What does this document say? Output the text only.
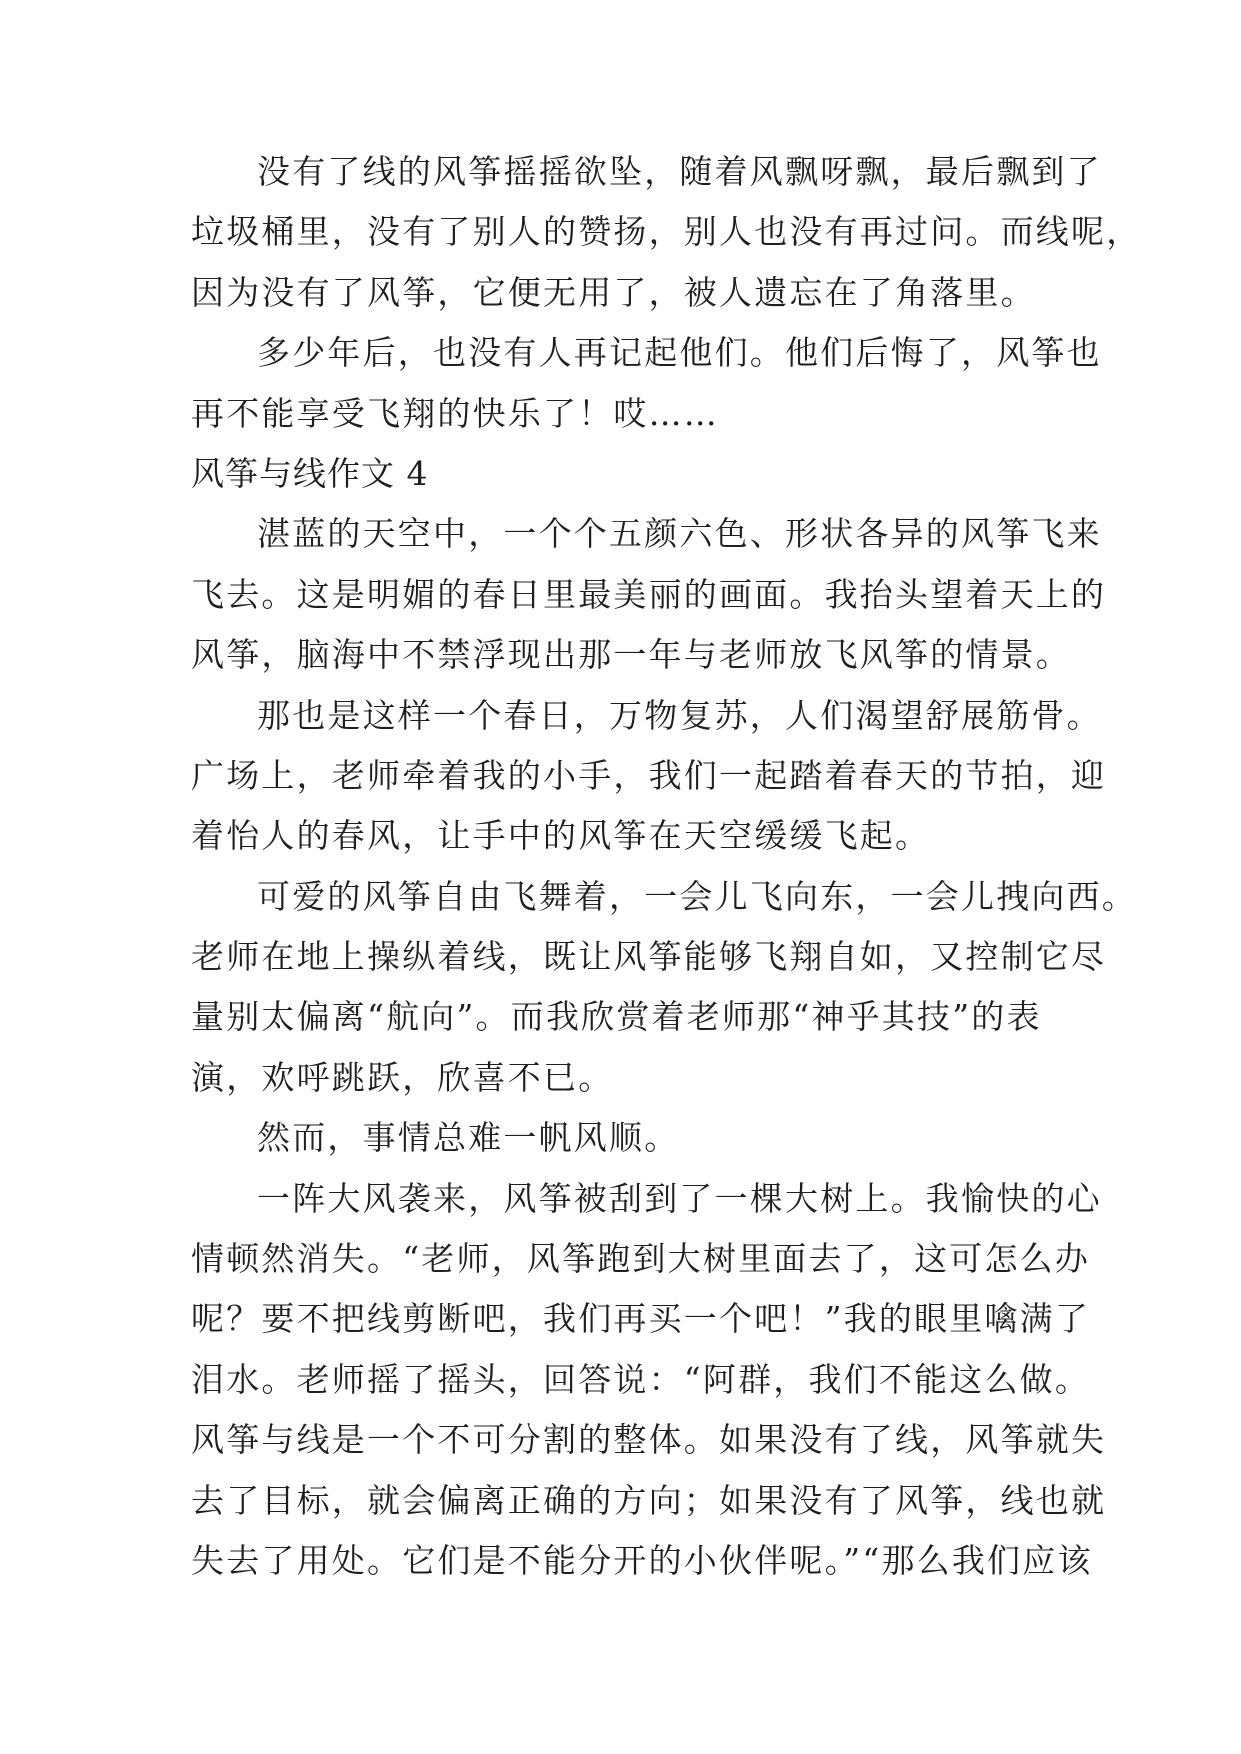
没有了线的风筝摇摇欲坠，随着风飘呀飘，最后飘到了
垃圾桶里，没有了别人的赞扬，别人也没有再过问。而线呢，
因为没有了风筝，它便无用了，被人遗忘在了角落里。
多少年后，也没有人再记起他们。他们后悔了，风筝也
再不能享受飞翔的快乐了！哎……
风筝与线作文 4
湛蓝的天空中，一个个五颜六色、形状各异的风筝飞来
飞去。这是明媚的春日里最美丽的画面。我抬头望着天上的
风筝，脑海中不禁浮现出那一年与老师放飞风筝的情景。
那也是这样一个春日，万物复苏，人们渴望舒展筋骨。
广场上，老师牵着我的小手，我们一起踏着春天的节拍，迎
着怡人的春风，让手中的风筝在天空缓缓飞起。
可爱的风筝自由飞舞着，一会儿飞向东，一会儿拽向西。
老师在地上操纵着线，既让风筝能够飞翔自如，又控制它尽
量别太偏离“航向”。而我欣赏着老师那“神乎其技”的表
演，欢呼跳跃，欣喜不已。
然而，事情总难一帆风顺。
一阵大风袭来，风筝被刮到了一棵大树上。我愉快的心
情顿然消失。“老师，风筝跑到大树里面去了，这可怎么办
呢？要不把线剪断吧，我们再买一个吧！”我的眼里噙满了
泪水。老师摇了摇头，回答说：“阿群，我们不能这么做。
风筝与线是一个不可分割的整体。如果没有了线，风筝就失
去了目标，就会偏离正确的方向；如果没有了风筝，线也就
失去了用处。它们是不能分开的小伙伴呢。”“那么我们应该
